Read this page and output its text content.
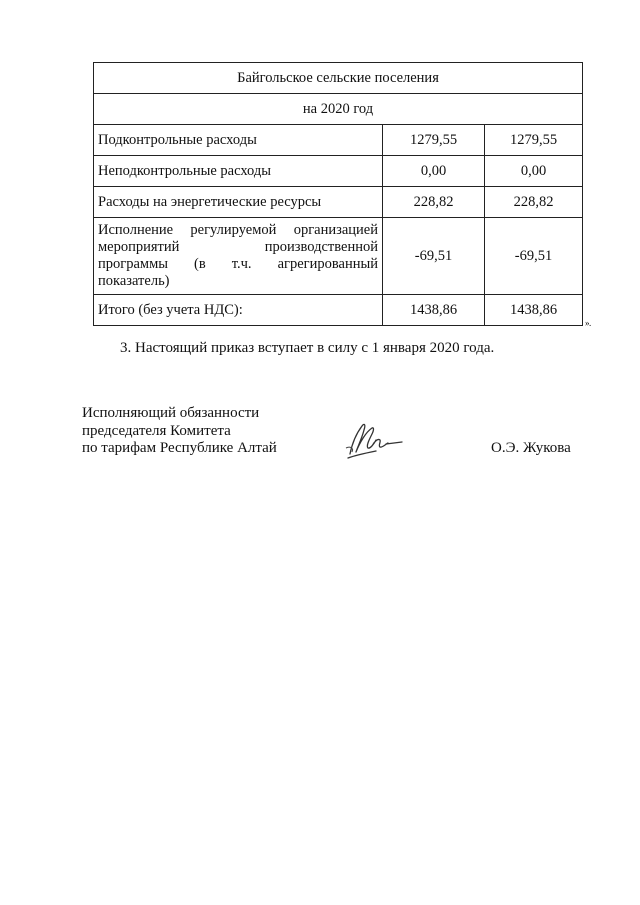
Байгольское сельские поселения		
на 2020 год		
Подконтрольные расходы	1279,55	1279,55
Неподконтрольные расходы	0,00	0,00
Расходы на энергетические ресурсы	228,82	228,82

Исполнение регулируемой организацией
мероприятий производственной
программы (в т.ч. агрегированный
показатель)	-69,51	-69,51
Итого (без учета НДС):	1438,86	1438,86
».
3. Настоящий приказ вступает в силу с 1 января 2020 года.
Исполняющий обязанности
председателя Комитета
по тарифам Республике Алтай	О.Э. Жукова
